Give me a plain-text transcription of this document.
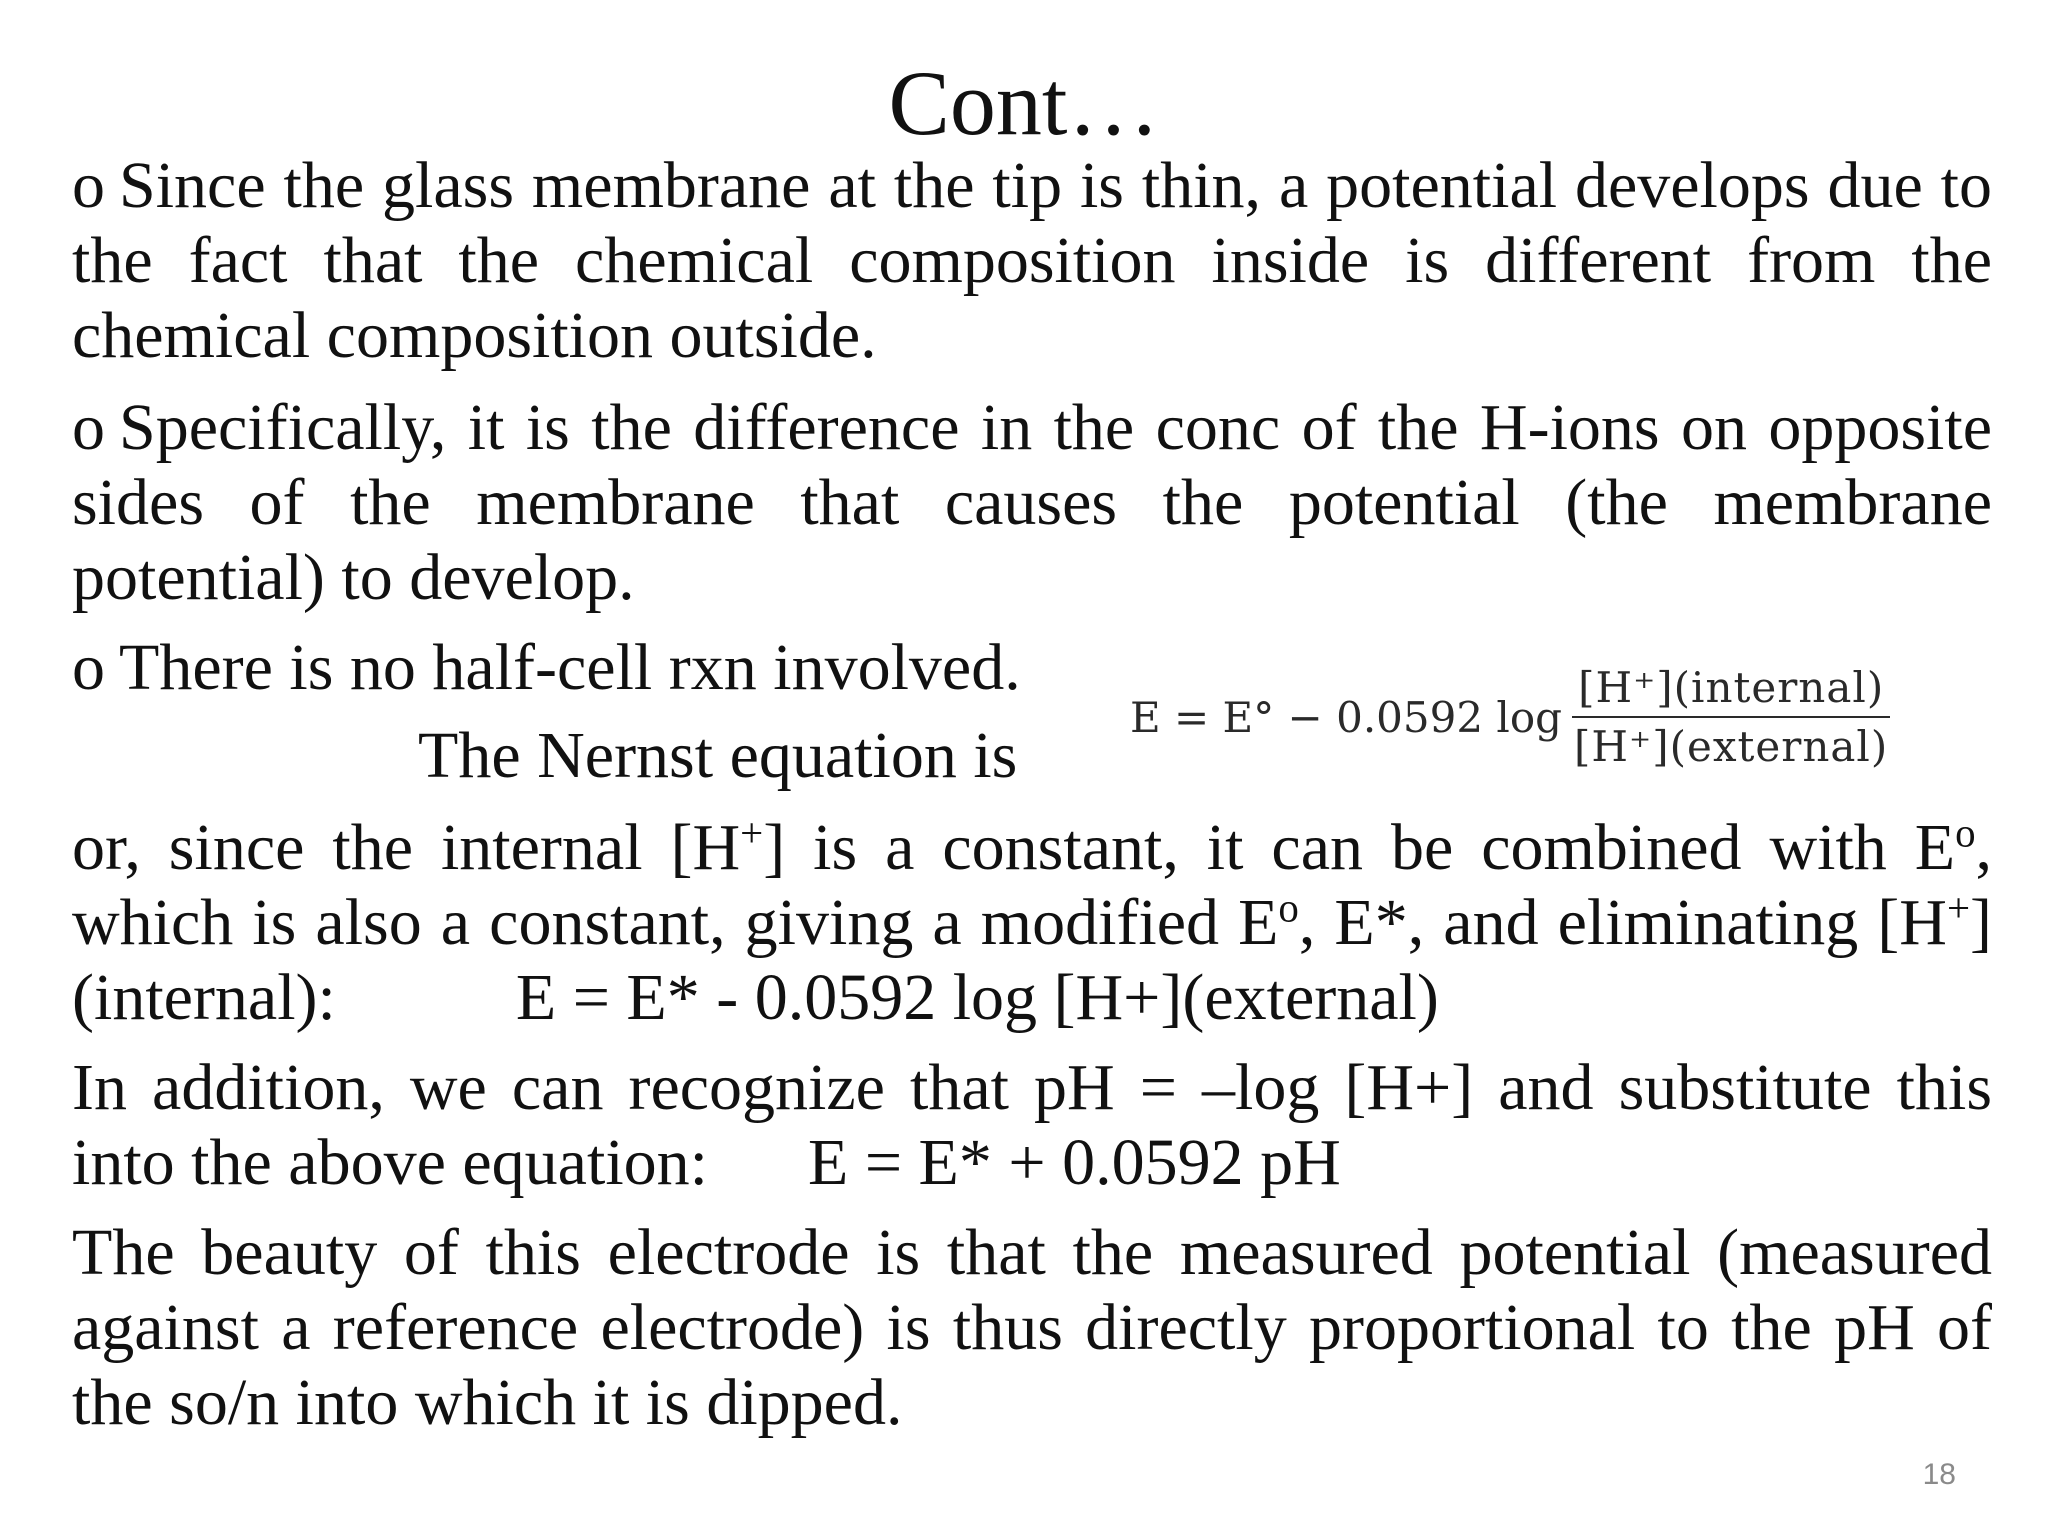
Cont…
o Since the glass membrane at the tip is thin, a potential develops due to the fact that the chemical composition inside is different from the chemical composition outside.
o Specifically, it is the difference in the conc of the H-ions on opposite sides of the membrane that causes the potential (the membrane potential) to develop.
o There is no half-cell rxn involved.
The Nernst equation is
E = E° − 0.0592 $\log \frac{\text{[H⁺](internal)}}{\text{[H⁺](external)}}$
or, since the internal [H+] is a constant, it can be combined with $E^o$, which is also a constant, giving a modified $E^o$, E*, and eliminating [H+](internal):	E = E* - 0.0592 log [H+](external)
In addition, we can recognize that pH = –log [H+] and substitute this into the above equation: E = E* + 0.0592 pH
The beauty of this electrode is that the measured potential (measured against a reference electrode) is thus directly proportional to the pH of the so/n into which it is dipped.
18
